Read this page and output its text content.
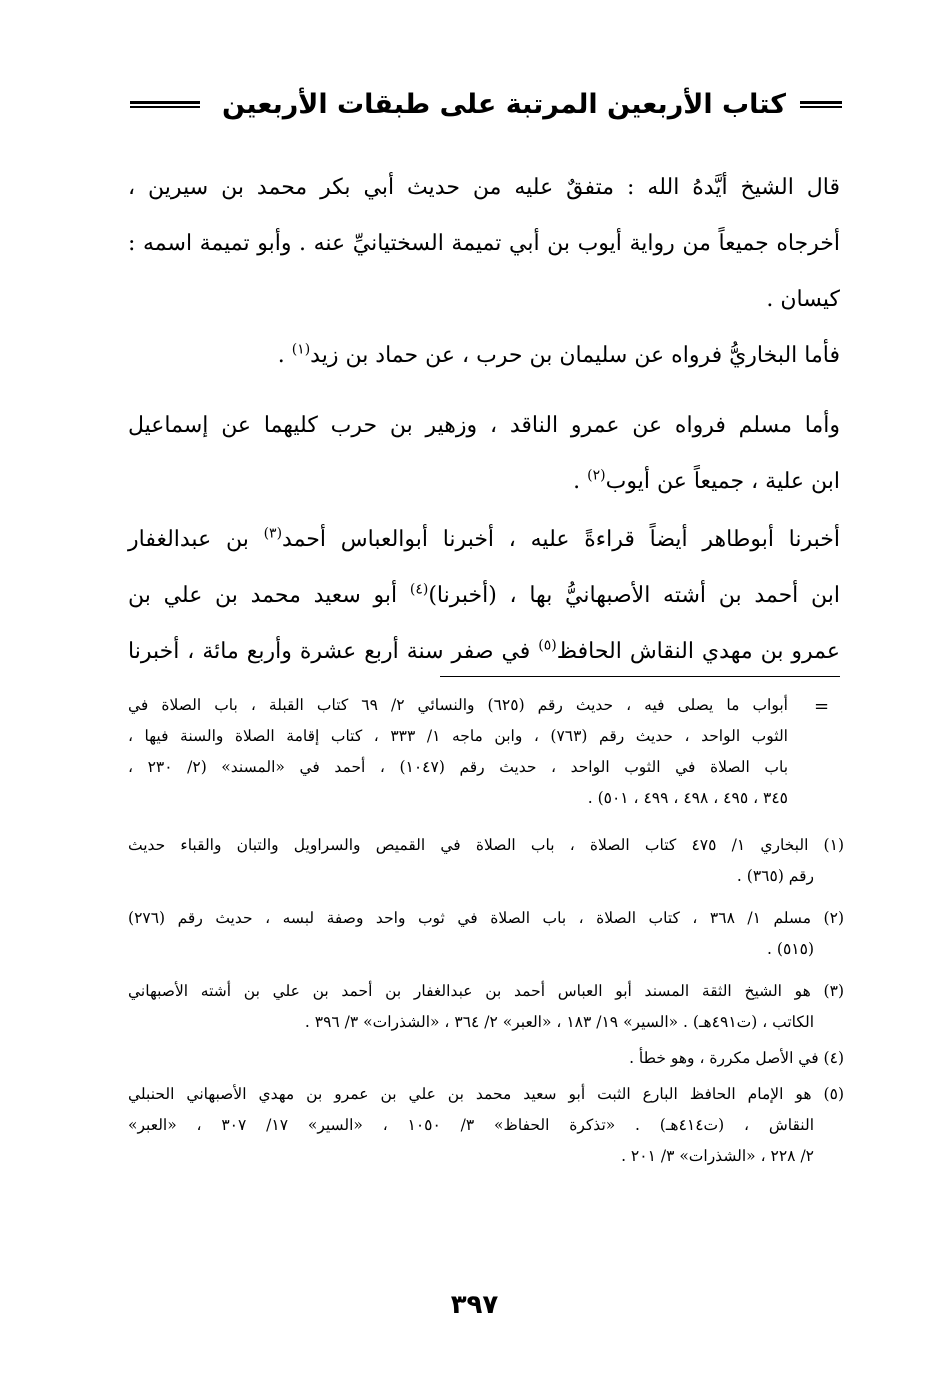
كتاب الأربعين المرتبة على طبقات الأربعين
قال الشيخ أيَّدهُ الله : متفقٌ عليه من حديث أبي بكر محمد بن سيرين ،
أخرجاه جميعاً من رواية أيوب بن أبي تميمة السختيانيِّ عنه . وأبو تميمة اسمه :
كيسان .
فأما البخاريُّ فرواه عن سليمان بن حرب ، عن حماد بن زيد$^{(١)}$ .
وأما مسلم فرواه عن عمرو الناقد ، وزهير بن حرب كليهما عن إسماعيل
ابن علية ، جميعاً عن أيوب$^{(٢)}$ .
أخبرنا أبوطاهر أيضاً قراءةً عليه ، أخبرنا أبوالعباس أحمد$^{(٣)}$ بن عبدالغفار
ابن أحمد بن أشته الأصبهانيُّ بها ، (أخبرنا)$^{(٤)}$ أبو سعيد محمد بن علي بن
عمرو بن مهدي النقاش الحافظ$^{(٥)}$ في صفر سنة أربع عشرة وأربع مائة ، أخبرنا
=
أبواب ما يصلى فيه ، حديث رقم (٦٢٥) والنسائي ٢/ ٦٩ كتاب القبلة ، باب الصلاة في
الثوب الواحد ، حديث رقم (٧٦٣) ، وابن ماجه ١/ ٣٣٣ ، كتاب إقامة الصلاة والسنة فيها ،
باب الصلاة في الثوب الواحد ، حديث رقم (١٠٤٧) ، أحمد في «المسند» (٢/ ٢٣٠ ،
٣٤٥ ، ٤٩٥ ، ٤٩٨ ، ٤٩٩ ، ٥٠١) .
(١) البخاري ١/ ٤٧٥ كتاب الصلاة ، باب الصلاة في القميص والسراويل والتبان والقباء حديث
رقم (٣٦٥) .
(٢) مسلم ١/ ٣٦٨ ، كتاب الصلاة ، باب الصلاة في ثوب واحد وصفة لبسه ، حديث رقم (٢٧٦)
(٥١٥) .
(٣) هو الشيخ الثقة المسند أبو العباس أحمد بن عبدالغفار بن أحمد بن علي بن أشته الأصبهاني
الكاتب ، (ت٤٩١هـ) . «السير» ١٩/ ١٨٣ ، «العبر» ٢/ ٣٦٤ ، «الشذرات» ٣/ ٣٩٦ .
(٤) في الأصل مكررة ، وهو خطأ .
(٥) هو الإمام الحافظ البارع الثبت أبو سعيد محمد بن علي بن عمرو بن مهدي الأصبهاني الحنبلي
النقاش ، (ت٤١٤هـ) . «تذكرة الحفاظ» ٣/ ١٠٥٠ ، «السير» ١٧/ ٣٠٧ ، «العبر»
٢/ ٢٢٨ ، «الشذرات» ٣/ ٢٠١ .
٣٩٧
